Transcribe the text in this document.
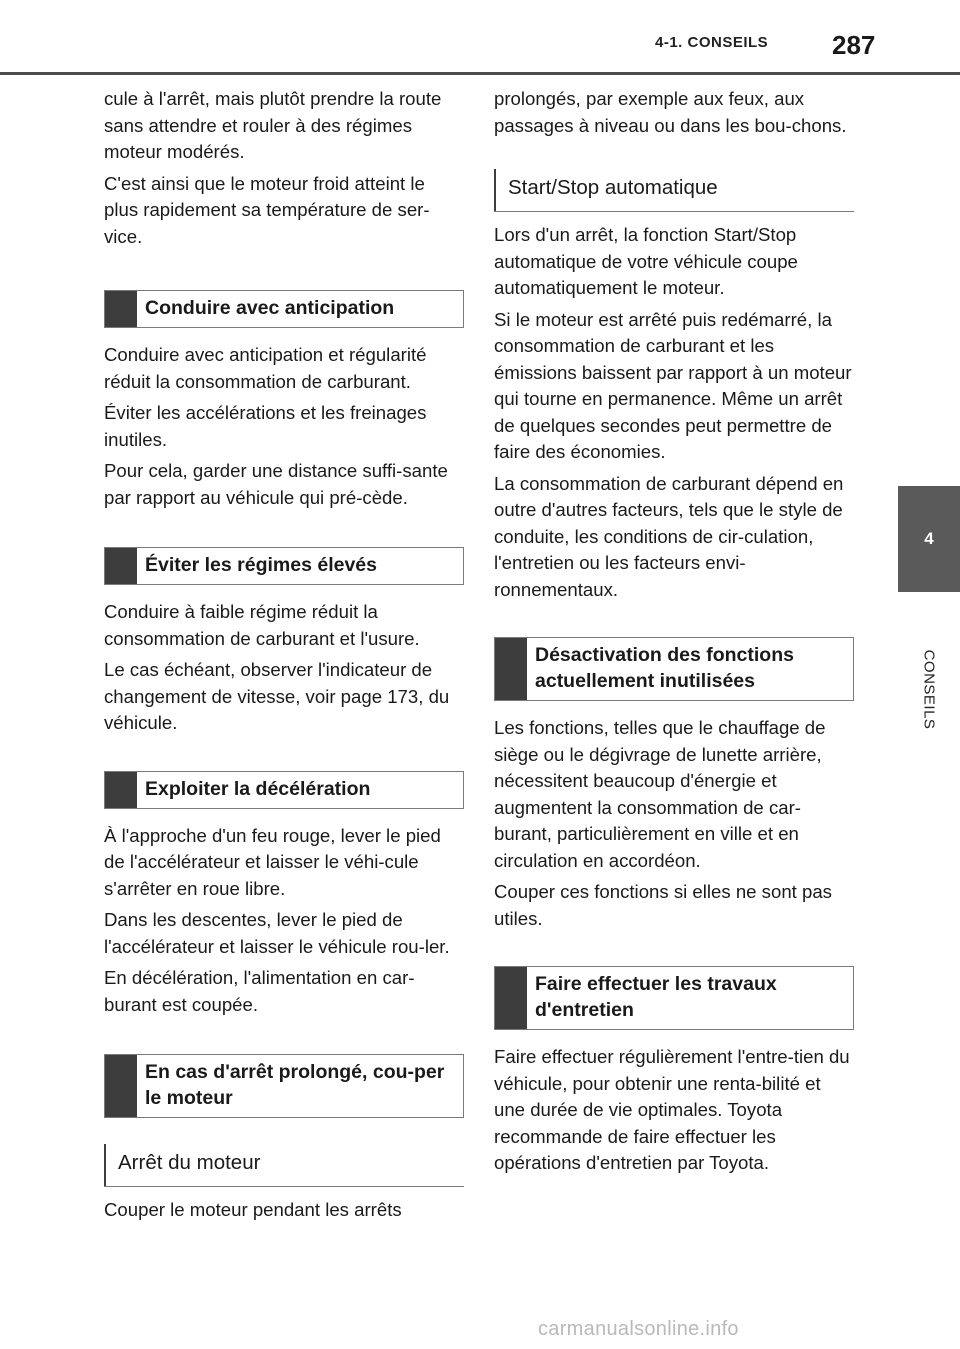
4-1. CONSEILS 287
4
CONSEILS

cule à l'arrêt, mais plutôt prendre la route sans attendre et rouler à des régimes moteur modérés.

C'est ainsi que le moteur froid atteint le plus rapidement sa température de ser-vice.

Conduire avec anticipation

Conduire avec anticipation et régularité réduit la consommation de carburant.

Éviter les accélérations et les freinages inutiles.

Pour cela, garder une distance suffi-sante par rapport au véhicule qui pré-cède.

Éviter les régimes élevés

Conduire à faible régime réduit la consommation de carburant et l'usure.

Le cas échéant, observer l'indicateur de changement de vitesse, voir page 173, du véhicule.

Exploiter la décélération

À l'approche d'un feu rouge, lever le pied de l'accélérateur et laisser le véhi-cule s'arrêter en roue libre.

Dans les descentes, lever le pied de l'accélérateur et laisser le véhicule rou-ler.

En décélération, l'alimentation en car-burant est coupée.

En cas d'arrêt prolongé, cou-per le moteur
Arrêt du moteur

Couper le moteur pendant les arrêts

prolongés, par exemple aux feux, aux passages à niveau ou dans les bou-chons.

Start/Stop automatique

Lors d'un arrêt, la fonction Start/Stop automatique de votre véhicule coupe automatiquement le moteur.

Si le moteur est arrêté puis redémarré, la consommation de carburant et les émissions baissent par rapport à un moteur qui tourne en permanence. Même un arrêt de quelques secondes peut permettre de faire des économies.

La consommation de carburant dépend en outre d'autres facteurs, tels que le style de conduite, les conditions de cir-culation, l'entretien ou les facteurs envi-ronnementaux.

Désactivation des fonctions actuellement inutilisées

Les fonctions, telles que le chauffage de siège ou le dégivrage de lunette arrière, nécessitent beaucoup d'énergie et augmentent la consommation de car-burant, particulièrement en ville et en circulation en accordéon.

Couper ces fonctions si elles ne sont pas utiles.

Faire effectuer les travaux d'entretien

Faire effectuer régulièrement l'entre-tien du véhicule, pour obtenir une renta-bilité et une durée de vie optimales. Toyota recommande de faire effectuer les opérations d'entretien par Toyota.

carmanualsonline.info
